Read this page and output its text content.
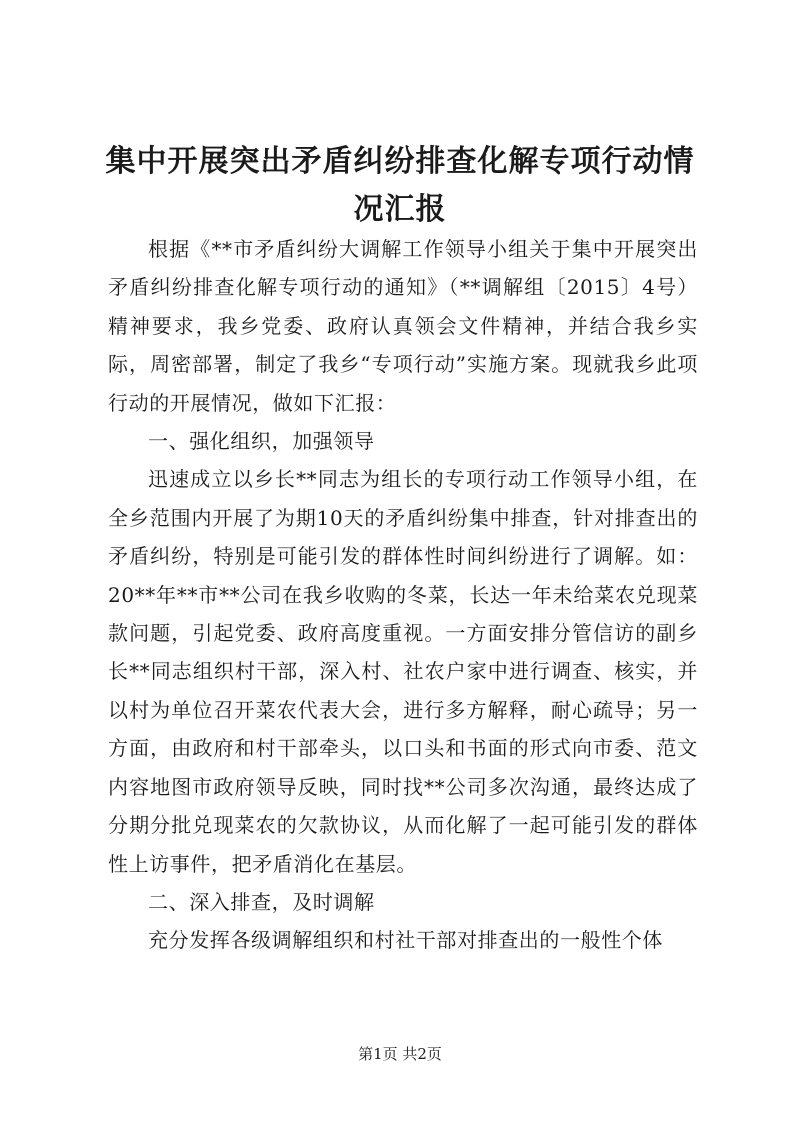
集中开展突出矛盾纠纷排查化解专项行动情况汇报

根据《**市矛盾纠纷大调解工作领导小组关于集中开展突出矛盾纠纷排查化解专项行动的通知》（**调解组〔2015〕4号）精神要求，我乡党委、政府认真领会文件精神，并结合我乡实际，周密部署，制定了我乡“专项行动”实施方案。现就我乡此项行动的开展情况，做如下汇报：

一、强化组织，加强领导

迅速成立以乡长**同志为组长的专项行动工作领导小组，在全乡范围内开展了为期10天的矛盾纠纷集中排查，针对排查出的矛盾纠纷，特别是可能引发的群体性时间纠纷进行了调解。如：20**年**市**公司在我乡收购的冬菜，长达一年未给菜农兑现菜款问题，引起党委、政府高度重视。一方面安排分管信访的副乡长**同志组织村干部，深入村、社农户家中进行调查、核实，并以村为单位召开菜农代表大会，进行多方解释，耐心疏导；另一方面，由政府和村干部牵头，以口头和书面的形式向市委、范文内容地图市政府领导反映，同时找**公司多次沟通，最终达成了分期分批兑现菜农的欠款协议，从而化解了一起可能引发的群体性上访事件，把矛盾消化在基层。

二、深入排查，及时调解

充分发挥各级调解组织和村社干部对排查出的一般性个体

第1页 共2页
